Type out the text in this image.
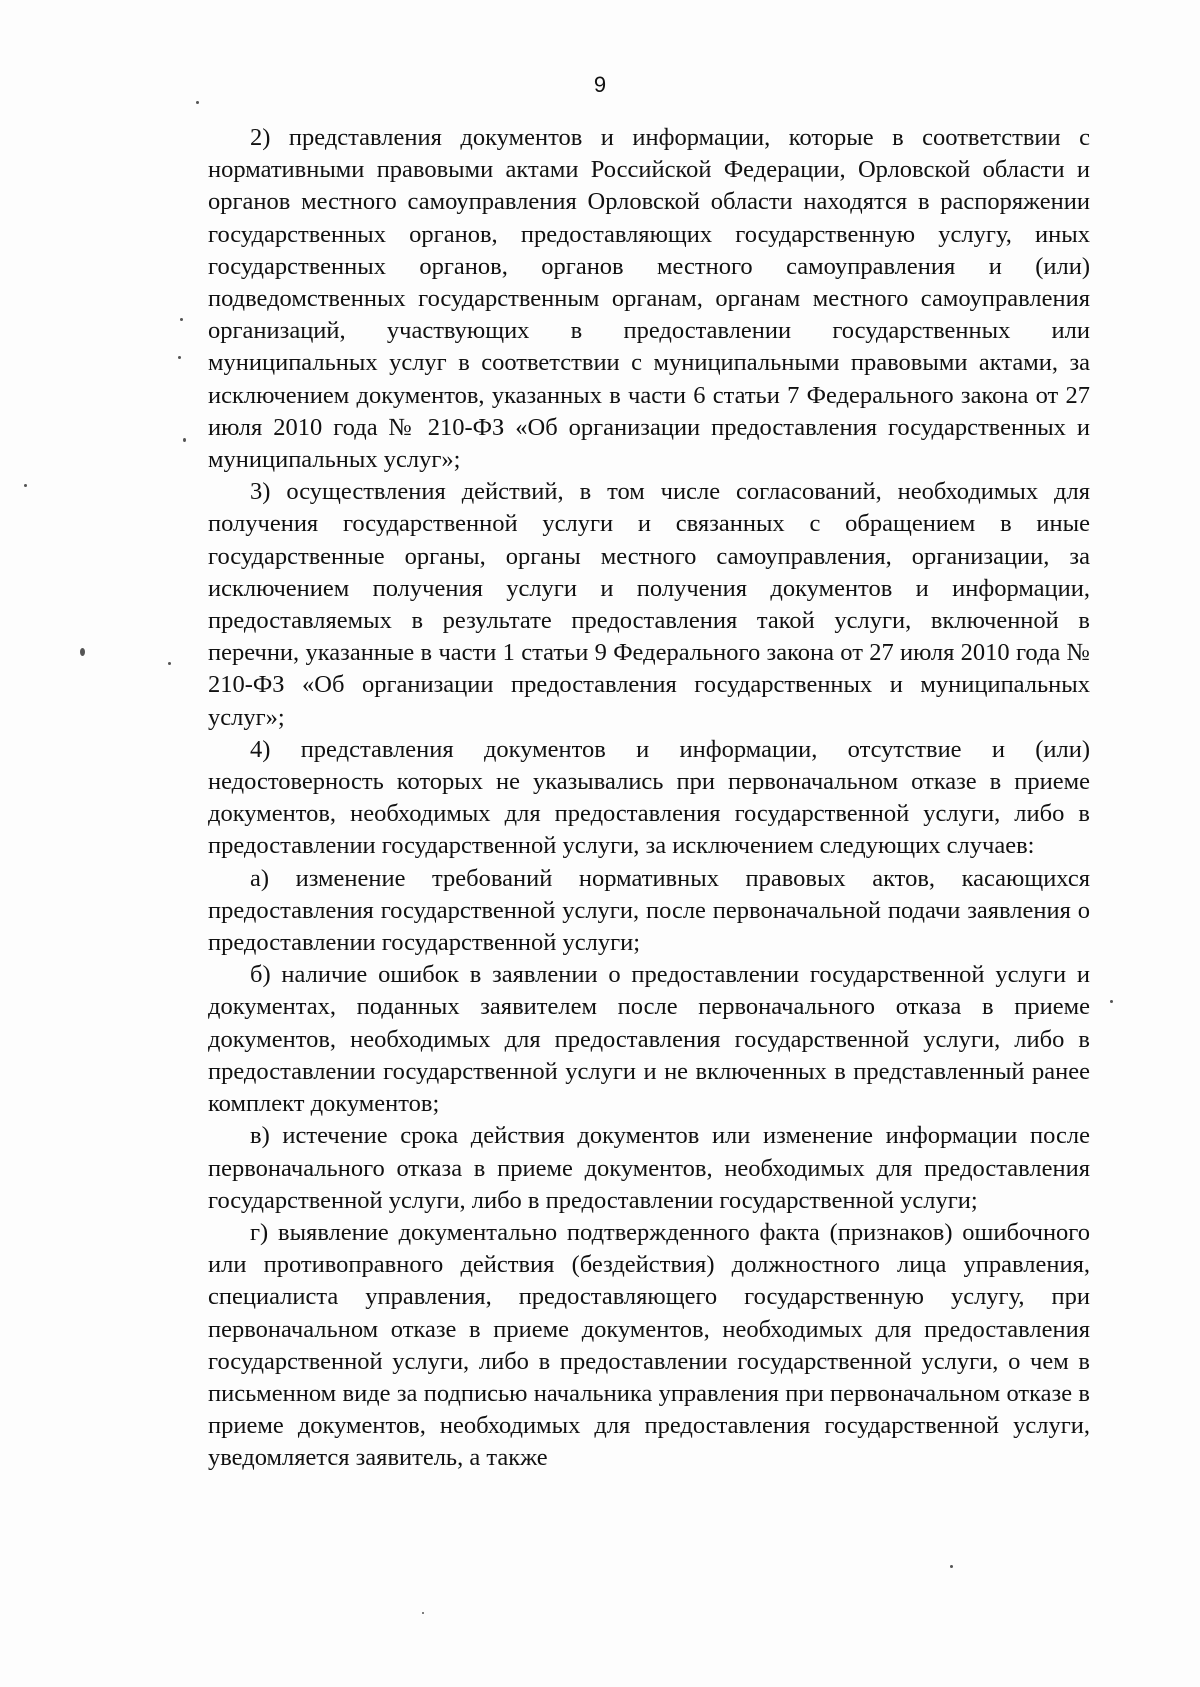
9

2) представления документов и информации, которые в соответствии с нормативными правовыми актами Российской Федерации, Орловской области и органов местного самоуправления Орловской области находятся в распоряжении государственных органов, предоставляющих государственную услугу, иных государственных органов, органов местного самоуправления и (или) подведомственных государственным органам, органам местного самоуправления организаций, участвующих в предоставлении государственных или муниципальных услуг в соответствии с муниципальными правовыми актами, за исключением документов, указанных в части 6 статьи 7 Федерального закона от 27 июля 2010 года № 210-ФЗ «Об организации предоставления государственных и муниципальных услуг»;

3) осуществления действий, в том числе согласований, необходимых для получения государственной услуги и связанных с обращением в иные государственные органы, органы местного самоуправления, организации, за исключением получения услуги и получения документов и информации, предоставляемых в результате предоставления такой услуги, включенной в перечни, указанные в части 1 статьи 9 Федерального закона от 27 июля 2010 года № 210-ФЗ «Об организации предоставления государственных и муниципальных услуг»;

4) представления документов и информации, отсутствие и (или) недостоверность которых не указывались при первоначальном отказе в приеме документов, необходимых для предоставления государственной услуги, либо в предоставлении государственной услуги, за исключением следующих случаев:

а) изменение требований нормативных правовых актов, касающихся предоставления государственной услуги, после первоначальной подачи заявления о предоставлении государственной услуги;

б) наличие ошибок в заявлении о предоставлении государственной услуги и документах, поданных заявителем после первоначального отказа в приеме документов, необходимых для предоставления государственной услуги, либо в предоставлении государственной услуги и не включенных в представленный ранее комплект документов;

в) истечение срока действия документов или изменение информации после первоначального отказа в приеме документов, необходимых для предоставления государственной услуги, либо в предоставлении государственной услуги;

г) выявление документально подтвержденного факта (признаков) ошибочного или противоправного действия (бездействия) должностного лица управления, специалиста управления, предоставляющего государственную услугу, при первоначальном отказе в приеме документов, необходимых для предоставления государственной услуги, либо в предоставлении государственной услуги, о чем в письменном виде за подписью начальника управления при первоначальном отказе в приеме документов, необходимых для предоставления государственной услуги, уведомляется заявитель, а также
